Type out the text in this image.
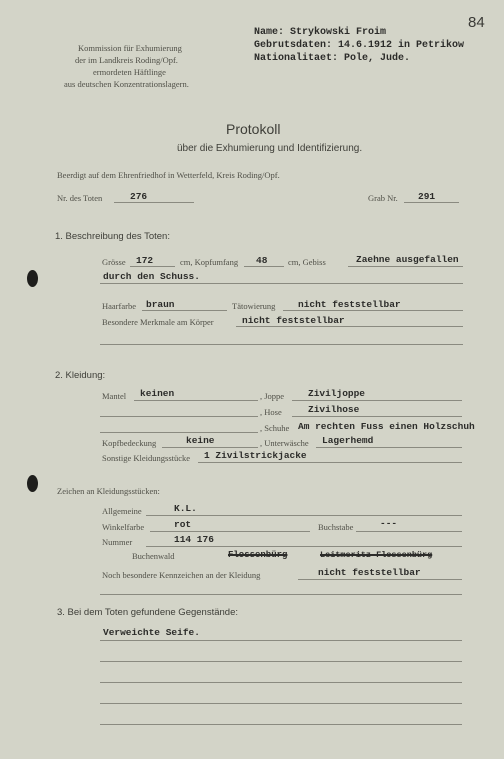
84
Kommission für Exhumierung
der im Landkreis Roding/Opf.
ermordeten Häftlinge
aus deutschen Konzentrationslagern.
Name: Strykowski Froim
Gebrutsdaten: 14.6.1912 in Petrikow
Nationalitaet: Pole, Jude.
Protokoll
über die Exhumierung und Identifizierung.
Beerdigt auf dem Ehrenfriedhof in Wetterfeld, Kreis Roding/Opf.
Nr. des Toten	276	Grab Nr. 291
1. Beschreibung des Toten:
Grösse 172	cm, Kopfumfang 48 cm, Gebiss	Zaehne ausgefallen
durch den Schuss.
Haarfarbe braun	Tätowierung nicht feststellbar
Besondere Merkmale am Körper	nicht feststellbar
2. Kleidung:
Mantel keinen	, Joppe	Ziviljoppe
, Hose	Zivilhose
, Schuhe Am rechten Fuss einen Holzschuh
Kopfbedeckung	keine	, Unterwäsche Lagerhemd
Sonstige Kleidungsstücke 1 Zivilstrickjacke
Zeichen an Kleidungsstücken:
Allgemeine	K.L.
Winkelfarbe	rot	Buchstabe	---
Nummer	114 176
Buchenwald	Flossenbürg	Leitmeritz-Flossenbürg
Noch besondere Kennzeichen an der Kleidung	nicht feststellbar
3. Bei dem Toten gefundene Gegenstände:
Verweichte Seife.
